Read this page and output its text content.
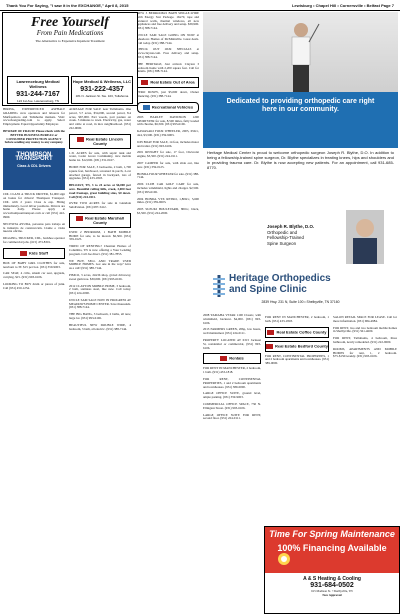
Thank You For Saying, "I saw it in the EXCHANGE," April 8, 2015	Lewisburg • Chapel Hill • Cornersville • Belfast Page 7
Free Yourself
From Pain Medications
The Alternative to Expensive Inpatient Treatment
Lawrenceburg Medical Wellness
931-244-7167
124 1st Ave. Lawrenceburg, TN
Hope Medical & Wellness, LLC
931-222-4357
181 N. Jackson St. Ste. 103, Tullahoma

HIRING, EXPERIENCED ASPHALT GRADING crew operators and laborers for Murfreesboro and Tullahoma markets. Visit: www.fleetgrading.com to apply. Select Employment. Equal Opportunity Employer.

BEWARE OF FRAUD! Please check with the BETTER BUSINESS BUREAU or CONSUMER PROTECTION AGENCY before sending any money to any company.

THOMPSON TRANSPORT
Class A CDL Drivers

CDL CLASS A TRUCK DRIVER, $1,000 sign on bonus for drivers! Thompson Transport. CDL with 2 years Class A exp. Hiring immediately. Local driver positions. Drivers are home daily. Please apply at www.thompsontransport.com or call (931) 422-0960.

NECESITA AYUDA, personas para trabajo en la industria de construcción. Llame o visite nuestra oficina.

DIGGING, TRUCKER, CDL, backhoe operator for commercial jobs. (615) 473-8301.

Kids Stuff

BOX OF BABY GIRL CLOTHES for sale, newborn to 3T. $15 per box. (931) 359-9003.

CAR SEAT, 4 cribs, smash car seat, upgrade, carrying, $15. (931) 993-6106.

LOOKING TO BUY drum or pieces of junk. Call (931) 450-1254.

ACREAGE FOR SALE near Tullahoma. One parcel, 5.7 acres, $54,000, second parcel, 8.4 acres, $67,000. Part woods, part pasture on creek. 5 minutes to town. Electricity, gas, water and cable at road, in nice neighborhood. (931) 222-9000.

Real Estate Lincoln County

1.31 ACRES for sale, with septic tank and water, Cedar Grove Community, nice mobile home lot. $12,000. (931) 331-0167.

HOME FOR SALE, 3 bedrooms, 2 bath, 1,700 square feet, hardwood, screened in porch, 2-car attached garage, fenced in backyard, lots of upgrades. (931) 433-1818.

BELFAST, TN, 3 to 24 acres at $6,000 per acre. Beautiful rolling hills, creek, 3,000 foot road frontage, great building sites, $0 down. Call (931) 224-0111.

OVER TWO ACRES for sale in Glendale Subdivision. (931) 687-3412.

Real Estate Marshall County

USED 2 BEDROOM, 1 BATH MOBILE HOME for sale, to be moved. $6,500. (931) 359-0125.

TIRED OF RENTING? Chestnut Homes of Columbia, TN is now offering a Your Lending program. Call Joe direct. (931) 381-7855.

WE BUY, SELL AND TRADE USED MOBILE HOMES. Got one in the way? Give us a call! (931) 388-7144.

PIMCO, 3 acres, 24x36 shop, gravel driveway, sweet gum tree. $30,000. (931) 993-6106.

2012 CLAYTON MOBILE HOME, 3 bedroom, 2 bath, stainless steel, like new. Call today. (931) 224-2000.

UNCLE SAM SALE NOW IN PROGRESS AT MEADOWS HOME CENTER. Save thousands. (931) 388-7144.

THE BIG BANG, 3 bedroom, 2 baths, all new, large lot. (931) 993-6106.

BEAUTIFUL NEW DOUBLE WIDE, 4 bedroom, 3 bath, all electric. (931) 388-7144.

NEW 3 BEDROOM/2 BATH SINGLE-WIDE with Energy Star Package. 16x70, tape and textured walls, thermal windows, all new appliances and free delivery and setup. $39,900. (931) 388-7144.

UNCLE SAM SALE GOING ON NOW at Meadows Homes of McMinnville. Great deals. Call today. (931) 388-7144.

CHECK OUT OUR SPECIALS at www.clayton.com. Free delivery and setup. (931) 388-7144.

THE HERITAGE, Just arrived. Clayton 3 bedroom home with 2,200 square feet. Call for details. (931) 388-7144.

Real Estate Out of Area

ZERO DOWN, just $5,000 down, Owner financing. (931) 388-7144.

Recreational Vehicles

2003 HARLEY DAVIDSON 1200 SPORTSTER for sale, 8,500 miles, fully loaded with chrome, $6,500. (931) 993-6106.

KAWASAKI FOUR WHEELER, 2005, 650cc, 4x4, $3,500. (931) 359-9003.

JON BOAT FOR SALE, 14 foot, includes motor and trailer. (931) 993-6106.

2001 RENGHT for sale, 17 foot, Chevrolet engine, $3,500. (931) 224-0111.

2007 CAMPER for sale, with slide out, like new. (931) 359-0125.

HONDA FOUR WHEELER for sale. (931) 388-7144.

2006 CLUB CAR GOLF CART for sale, includes windshield, lights and charger. $2,500. (931) 993-6106.

2004 HONDA VTX RETRO, 1,800cc, 5,600 miles. (931) 359-9003.

2005 SUZUKI BOULEVARD, 800cc, black, $3,500. (931) 224-2000.

2008 YAMAHA VSTAR 1100 Classic, with windshield, backrest. $4,000. (931) 993-6106.

2013 FARMERS GREEN, 20hp, low hours, well maintained. (931) 224-0111.

PROPERTY LOCATED AT 6315 Jackson St, residential or commercial, (931) 993-6106.

Rentals

FOR RENT IN MANCHESTER, 2 bedroom, 1 bath. (931) 433-1818.

FOR RENT, CONTINENTAL PROPERTIES, 1 and 2 bedroom apartments and townhouses. (931) 389-0000.

LARGE OFFICE SUITE, ground level, ample parking. (931) 359-9003.

COMMERCIAL OFFICE SPACE, 730 N. Ellington Street. (931) 993-6106.

LARGE OFFICE SUITE FOR RENT, second floor. (931) 224-0111.

Dedicated to providing orthopedic care right here in our community.
Heritage Medical Center is proud to welcome orthopedic surgeon Joseph R. Blythe, D.O. In addition to being a fellowship-trained spine surgeon, Dr. Blythe specializes in treating knees, hips and shoulders and in providing trauma care. Dr. Blythe is now accepting new patients. For an appointment, call 931-685-8770.
Joseph R. Blythe, D.O.
Orthopedic and
Fellowship-Trained
Spine Surgeon
Heritage Orthopedics
and Spine Clinic
2839 Hwy. 231 N, Suite 100 • Shelbyville, TN 37160

FOR RENT IN MANCHESTER, 2 bedroom, 1 bath. (931) 433-1818.

Real Estate Coffee County
Real Estate Bedford County

FOR RENT, CONTINENTAL PROPERTIES, 1 and 2 bedroom apartments and townhouses. (931) 389-0000.

SALON RETAIL SPACE FOR LEASE. Call for more information. (931) 684-4984.

FOR RENT, two and two bedroom mobile homes in Shelbyville. (931) 561-4600.

FOR RENT, Tullahoma, 4 bedroom, three bathroom, newly remodeled. (931) 222-9000.

ROOMS, APARTMENTS AND MOBILE HOMES for rent, 1, 2 bedroom. $75-$150/weekly. (931) 993-6106.

Time For Spring Maintenance
100% Financing Available
A & S Heating & Cooling
931-684-0502
615 Madison St. • Shelbyville, TN
Now Approved
